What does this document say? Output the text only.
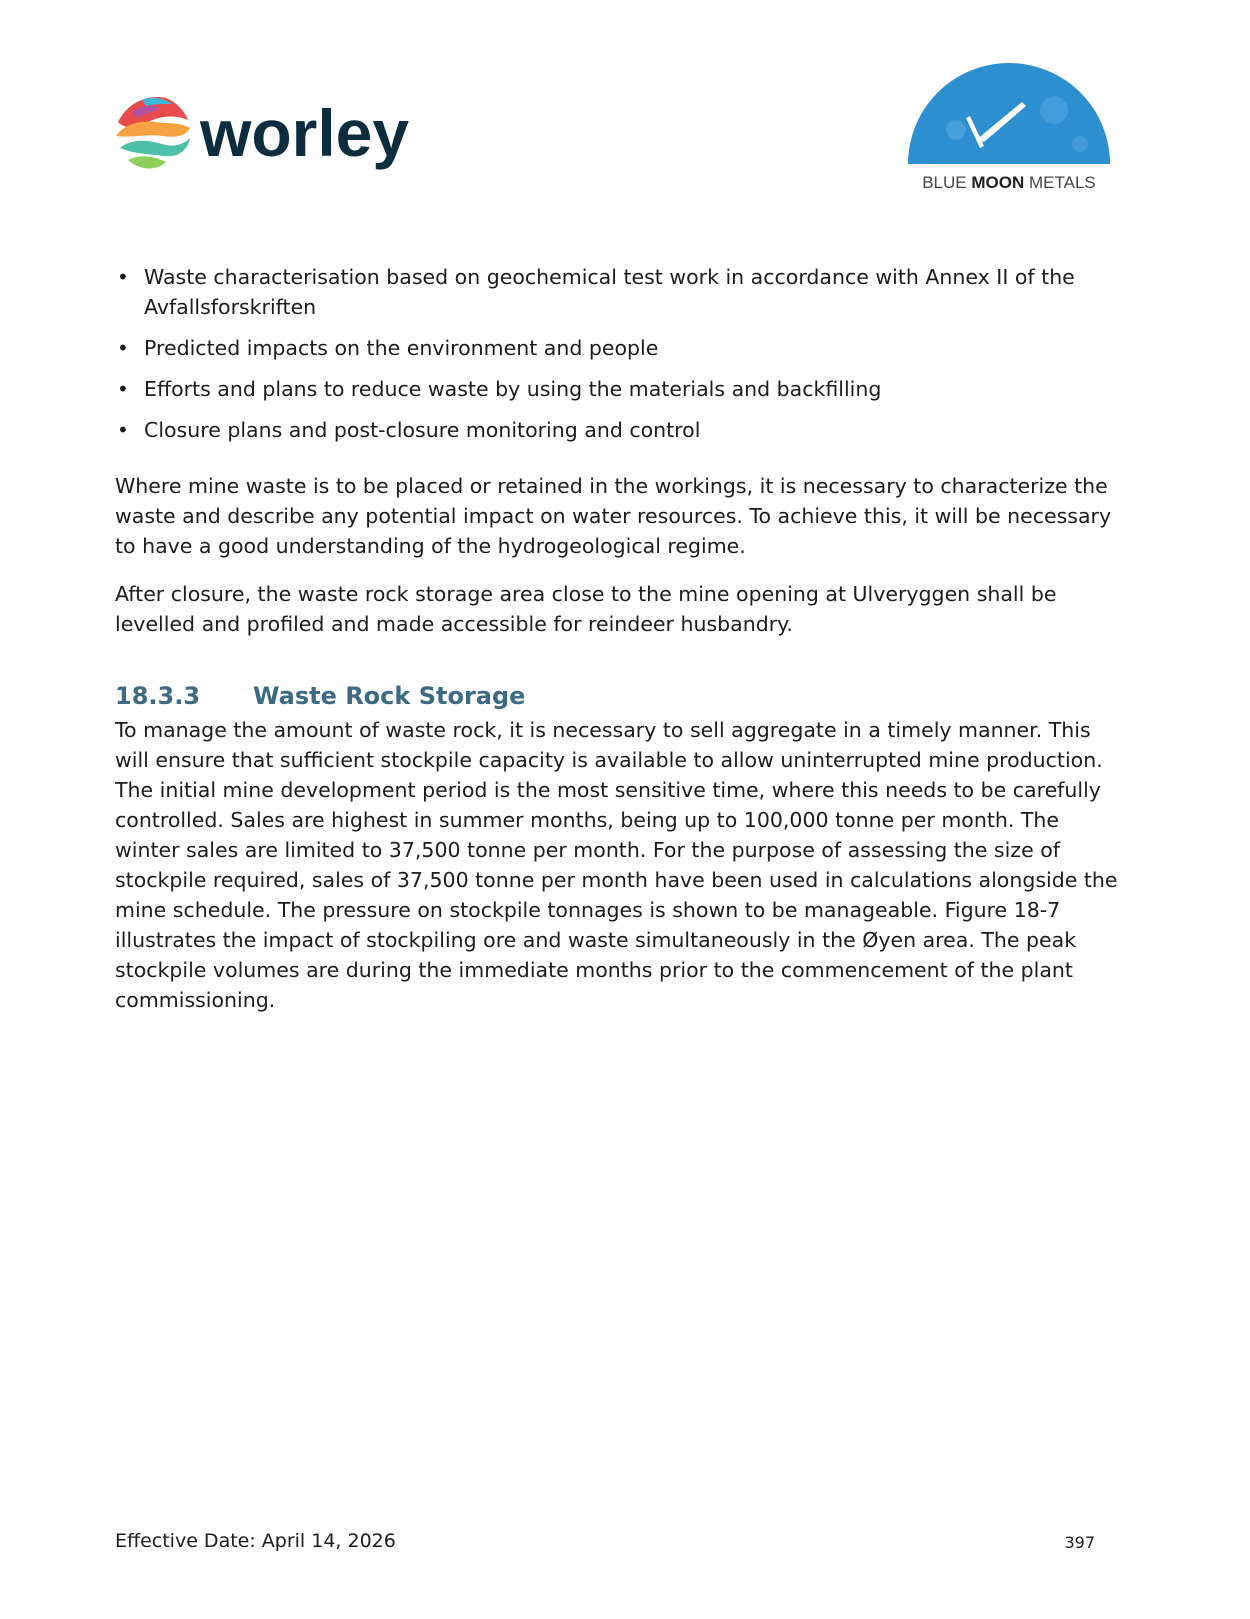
worley
BLUE MOON METALS
• Waste characterisation based on geochemical test work in accordance with Annex II of the Avfallsforskriften
• Predicted impacts on the environment and people
• Efforts and plans to reduce waste by using the materials and backfilling
• Closure plans and post-closure monitoring and control

Where mine waste is to be placed or retained in the workings, it is necessary to characterize the waste and describe any potential impact on water resources. To achieve this, it will be necessary to have a good understanding of the hydrogeological regime.

After closure, the waste rock storage area close to the mine opening at Ulveryggen shall be levelled and profiled and made accessible for reindeer husbandry.

18.3.3	Waste Rock Storage

To manage the amount of waste rock, it is necessary to sell aggregate in a timely manner. This will ensure that sufficient stockpile capacity is available to allow uninterrupted mine production. The initial mine development period is the most sensitive time, where this needs to be carefully controlled. Sales are highest in summer months, being up to 100,000 tonne per month. The winter sales are limited to 37,500 tonne per month. For the purpose of assessing the size of stockpile required, sales of 37,500 tonne per month have been used in calculations alongside the mine schedule. The pressure on stockpile tonnages is shown to be manageable. Figure 18-7 illustrates the impact of stockpiling ore and waste simultaneously in the Øyen area. The peak stockpile volumes are during the immediate months prior to the commencement of the plant commissioning.

Effective Date: April 14, 2026	397
